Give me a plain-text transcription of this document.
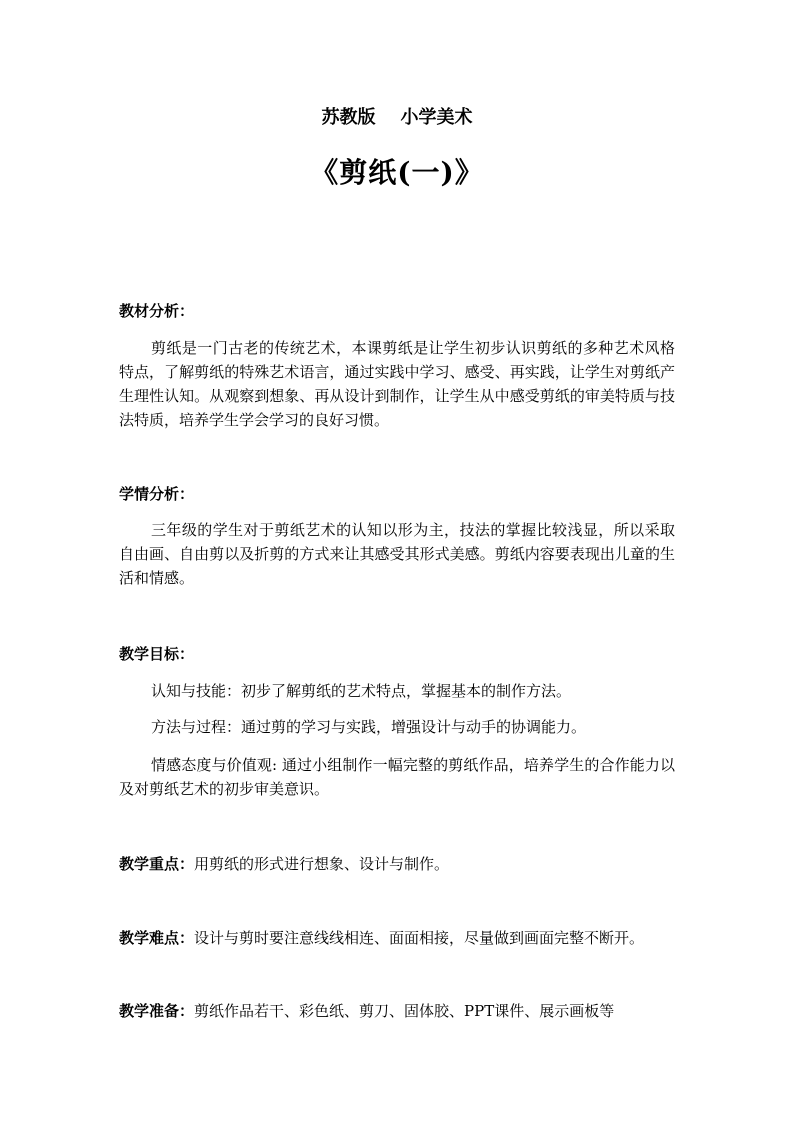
苏教版    小学美术
《剪纸(一)》
教材分析：
剪纸是一门古老的传统艺术，本课剪纸是让学生初步认识剪纸的多种艺术风格特点，了解剪纸的特殊艺术语言，通过实践中学习、感受、再实践，让学生对剪纸产生理性认知。从观察到想象、再从设计到制作，让学生从中感受剪纸的审美特质与技法特质，培养学生学会学习的良好习惯。
学情分析：
三年级的学生对于剪纸艺术的认知以形为主，技法的掌握比较浅显，所以采取自由画、自由剪以及折剪的方式来让其感受其形式美感。剪纸内容要表现出儿童的生活和情感。
教学目标：
认知与技能：初步了解剪纸的艺术特点，掌握基本的制作方法。
方法与过程：通过剪的学习与实践，增强设计与动手的协调能力。
情感态度与价值观: 通过小组制作一幅完整的剪纸作品，培养学生的合作能力以及对剪纸艺术的初步审美意识。
教学重点：用剪纸的形式进行想象、设计与制作。
教学难点：设计与剪时要注意线线相连、面面相接，尽量做到画面完整不断开。
教学准备：剪纸作品若干、彩色纸、剪刀、固体胶、PPT课件、展示画板等
